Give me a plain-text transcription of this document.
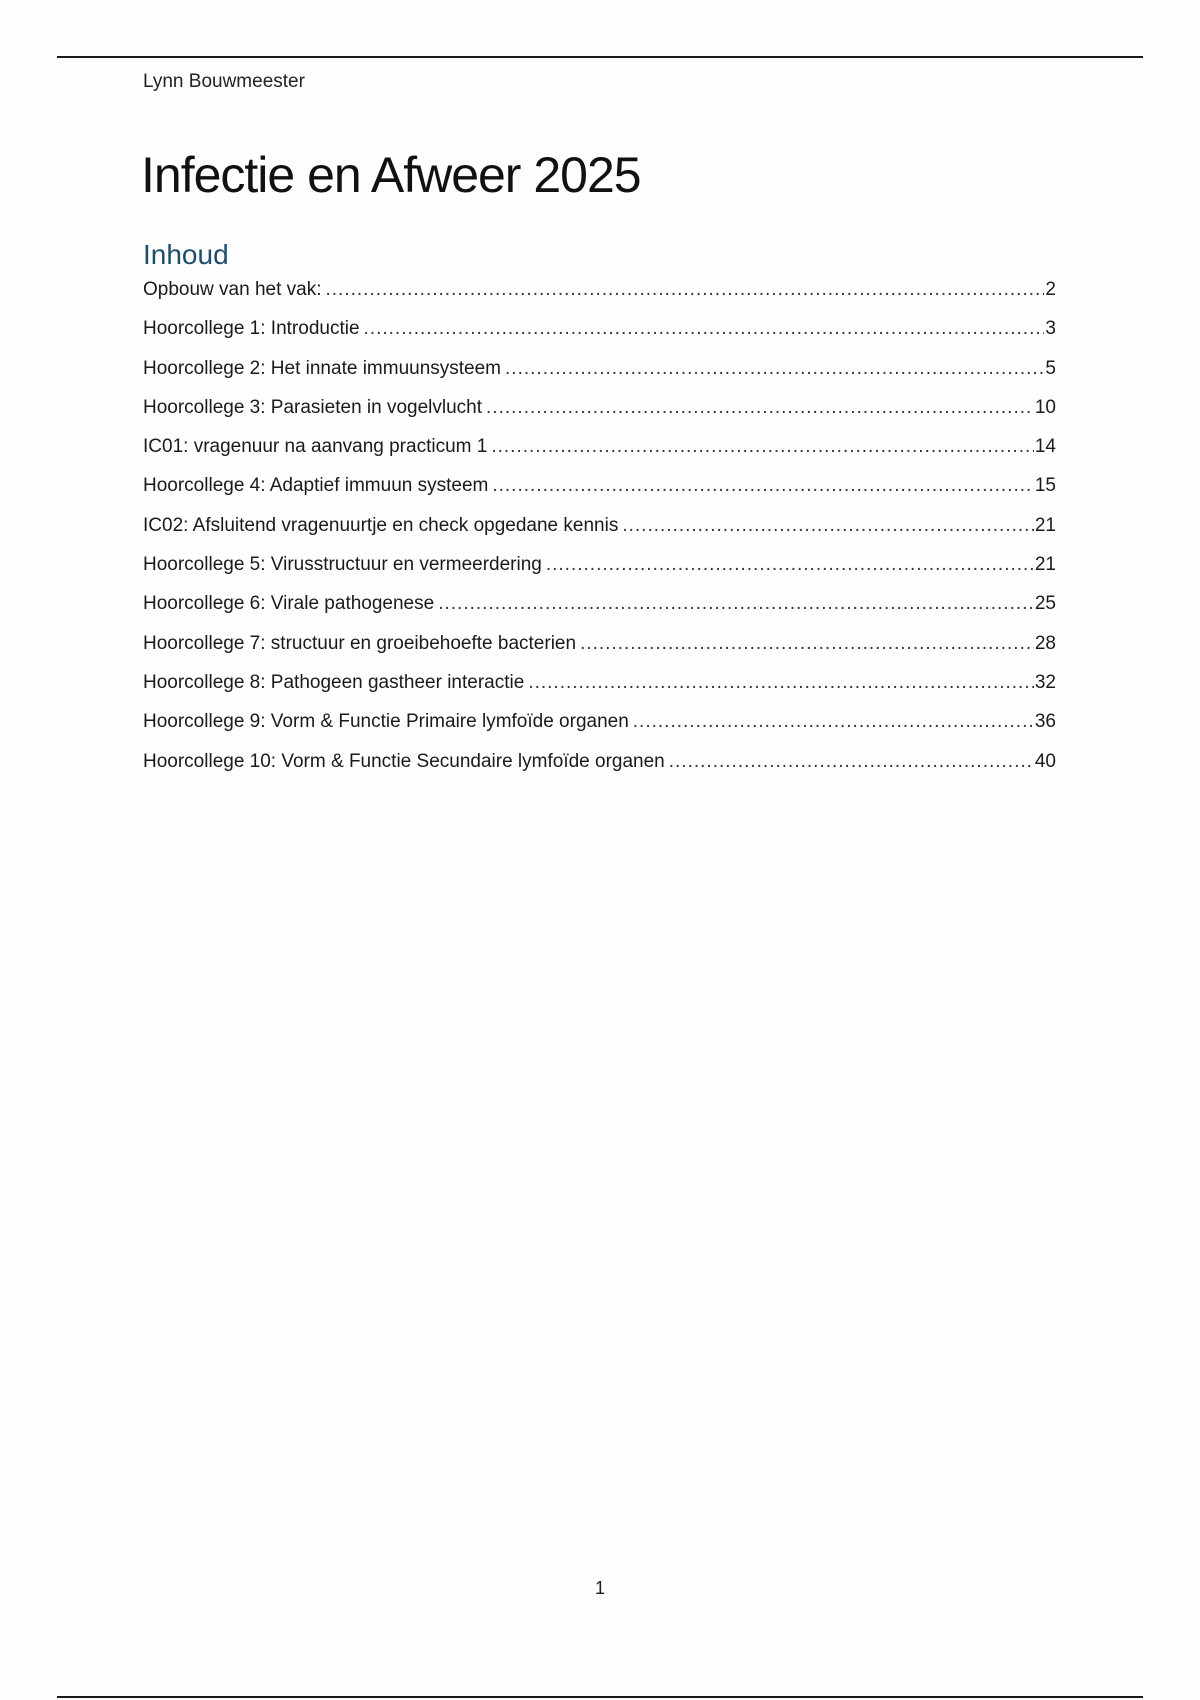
Lynn Bouwmeester
Infectie en Afweer 2025
Inhoud
Opbouw van het vak: .....	2
Hoorcollege 1: Introductie .....	3
Hoorcollege 2: Het innate immuunsysteem .....	5
Hoorcollege 3: Parasieten in vogelvlucht .....	10
IC01: vragenuur na aanvang practicum 1 .....	14
Hoorcollege 4: Adaptief immuun systeem .....	15
IC02: Afsluitend vragenuurtje en check opgedane kennis .....	21
Hoorcollege 5: Virusstructuur en vermeerdering .....	21
Hoorcollege 6: Virale pathogenese .....	25
Hoorcollege 7: structuur en groeibehoefte bacterien .....	28
Hoorcollege 8: Pathogeen gastheer interactie .....	32
Hoorcollege 9: Vorm & Functie Primaire lymfoïde organen .....	36
Hoorcollege 10: Vorm & Functie Secundaire lymfoïde organen .....	40
1
